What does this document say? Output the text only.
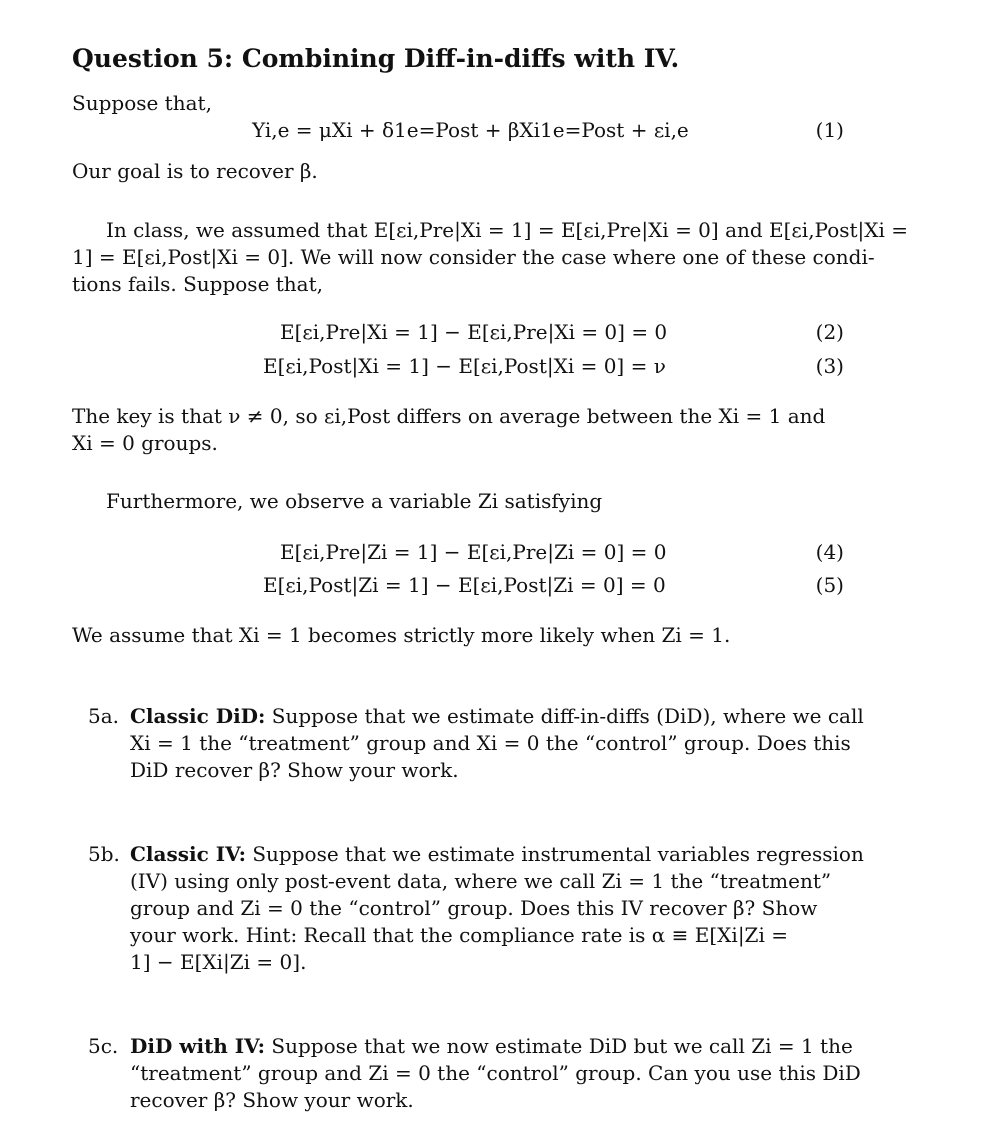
Question 5: Combining Diff-in-diffs with IV.
Suppose that,
Yi,e = μXi + δ1e=Post + βXi1e=Post + εi,e	(1)
Our goal is to recover β.
In class, we assumed that E[εi,Pre|Xi = 1] = E[εi,Pre|Xi = 0] and E[εi,Post|Xi =
1] = E[εi,Post|Xi = 0]. We will now consider the case where one of these condi-
tions fails. Suppose that,
E[εi,Pre|Xi = 1] − E[εi,Pre|Xi = 0] = 0	(2)
E[εi,Post|Xi = 1] − E[εi,Post|Xi = 0] = ν	(3)
The key is that ν ≠ 0, so εi,Post differs on average between the Xi = 1 and
Xi = 0 groups.
Furthermore, we observe a variable Zi satisfying
E[εi,Pre|Zi = 1] − E[εi,Pre|Zi = 0] = 0	(4)
E[εi,Post|Zi = 1] − E[εi,Post|Zi = 0] = 0	(5)
We assume that Xi = 1 becomes strictly more likely when Zi = 1.
5a. Classic DiD: Suppose that we estimate diff-in-diffs (DiD), where we call
Xi = 1 the “treatment” group and Xi = 0 the “control” group. Does this
DiD recover β? Show your work.
5b. Classic IV: Suppose that we estimate instrumental variables regression
(IV) using only post-event data, where we call Zi = 1 the “treatment”
group and Zi = 0 the “control” group. Does this IV recover β? Show
your work. Hint: Recall that the compliance rate is α ≡ E[Xi|Zi =
1] − E[Xi|Zi = 0].
5c. DiD with IV: Suppose that we now estimate DiD but we call Zi = 1 the
“treatment” group and Zi = 0 the “control” group. Can you use this DiD
recover β? Show your work.
